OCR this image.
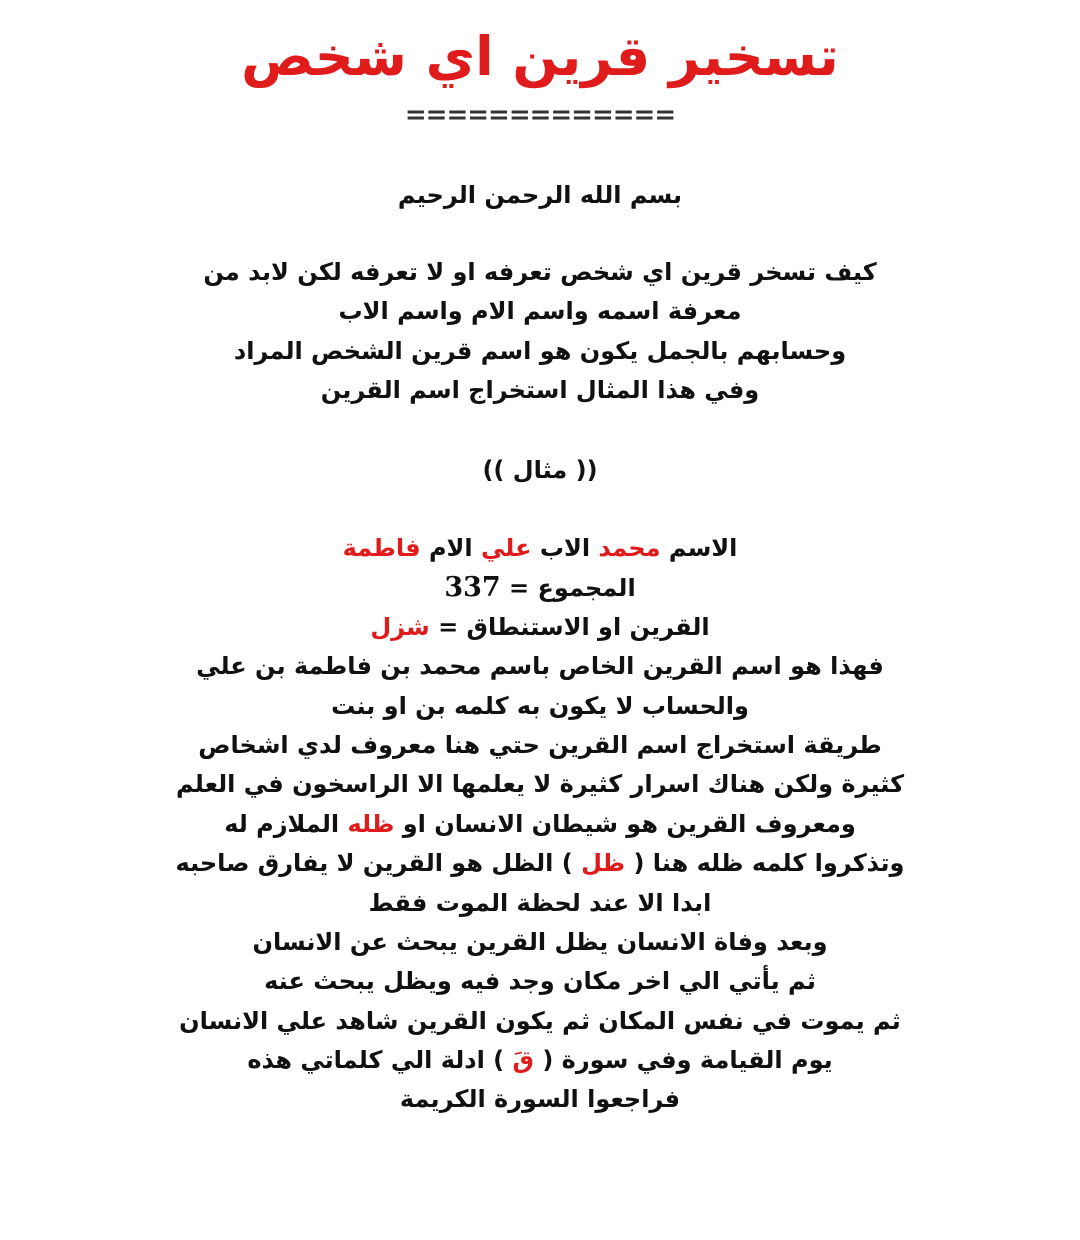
تسخير قرين اي شخص
=============
بسم الله الرحمن الرحيم
كيف تسخر قرين اي شخص تعرفه او لا تعرفه لكن لابد من
معرفة اسمه واسم الام واسم الاب
وحسابهم بالجمل يكون هو اسم قرين الشخص المراد
وفي هذا المثال استخراج اسم القرين
(( مثال ))
الاسم محمد الاب علي الام فاطمة
المجموع = 337
القرين او الاستنطاق = شزل
فهذا هو اسم القرين الخاص باسم محمد بن فاطمة بن علي
والحساب لا يكون به كلمه بن او بنت
طريقة استخراج اسم القرين حتي هنا معروف لدي اشخاص
كثيرة ولكن هناك اسرار كثيرة لا يعلمها الا الراسخون في العلم
ومعروف القرين هو شيطان الانسان او ظله الملازم له
وتذكروا كلمه ظله هنا ( ظل ) الظل هو القرين لا يفارق صاحبه
ابدا الا عند لحظة الموت فقط
وبعد وفاة الانسان يظل القرين يبحث عن الانسان
ثم يأتي الي اخر مكان وجد فيه ويظل يبحث عنه
ثم يموت في نفس المكان ثم يكون القرين شاهد علي الانسان
يوم القيامة وفي سورة ( قَ ) ادلة الي كلماتي هذه
فراجعوا السورة الكريمة
